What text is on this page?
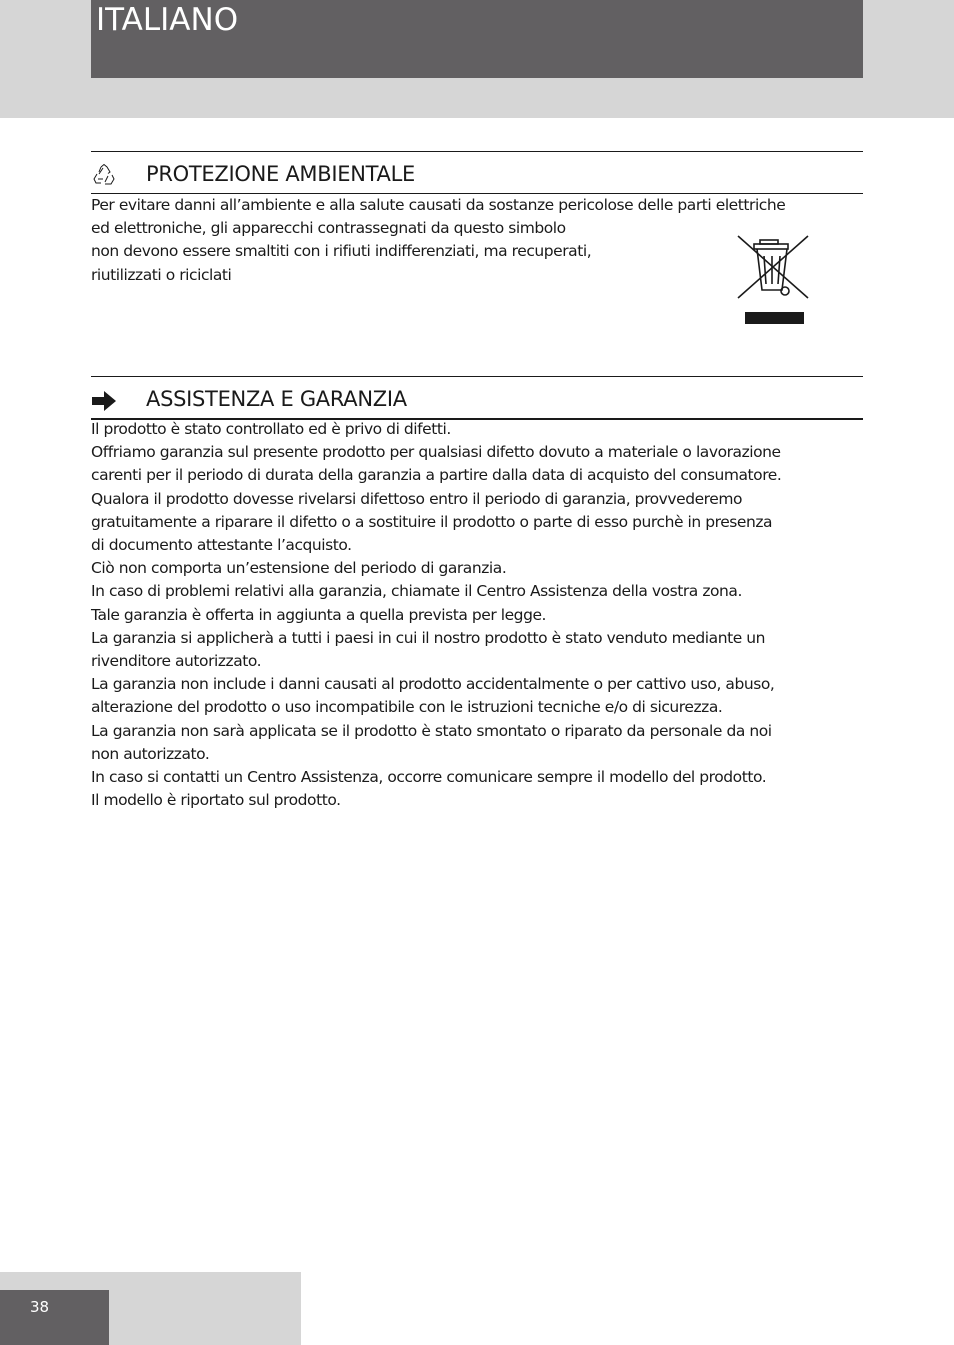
ITALIANO
PROTEZIONE AMBIENTALE
Per evitare danni all’ambiente e alla salute causati da sostanze pericolose delle parti elettriche
ed elettroniche, gli apparecchi contrassegnati da questo simbolo
non devono essere smaltiti con i rifiuti indifferenziati, ma recuperati,
riutilizzati o riciclati
ASSISTENZA E GARANZIA
Il prodotto è stato controllato ed è privo di difetti.
Offriamo garanzia sul presente prodotto per qualsiasi difetto dovuto a materiale o lavorazione
carenti per il periodo di durata della garanzia a partire dalla data di acquisto del consumatore.
Qualora il prodotto dovesse rivelarsi difettoso entro il periodo di garanzia, provvederemo
gratuitamente a riparare il difetto o a sostituire il prodotto o parte di esso purchè in presenza
di documento attestante l’acquisto.
Ciò non comporta un’estensione del periodo di garanzia.
In caso di problemi relativi alla garanzia, chiamate il Centro Assistenza della vostra zona.
Tale garanzia è offerta in aggiunta a quella prevista per legge.
La garanzia si applicherà a tutti i paesi in cui il nostro prodotto è stato venduto mediante un
rivenditore autorizzato.
La garanzia non include i danni causati al prodotto accidentalmente o per cattivo uso, abuso,
alterazione del prodotto o uso incompatibile con le istruzioni tecniche e/o di sicurezza.
La garanzia non sarà applicata se il prodotto è stato smontato o riparato da personale da noi
non autorizzato.
In caso si contatti un Centro Assistenza, occorre comunicare sempre il modello del prodotto.
Il modello è riportato sul prodotto.
38
